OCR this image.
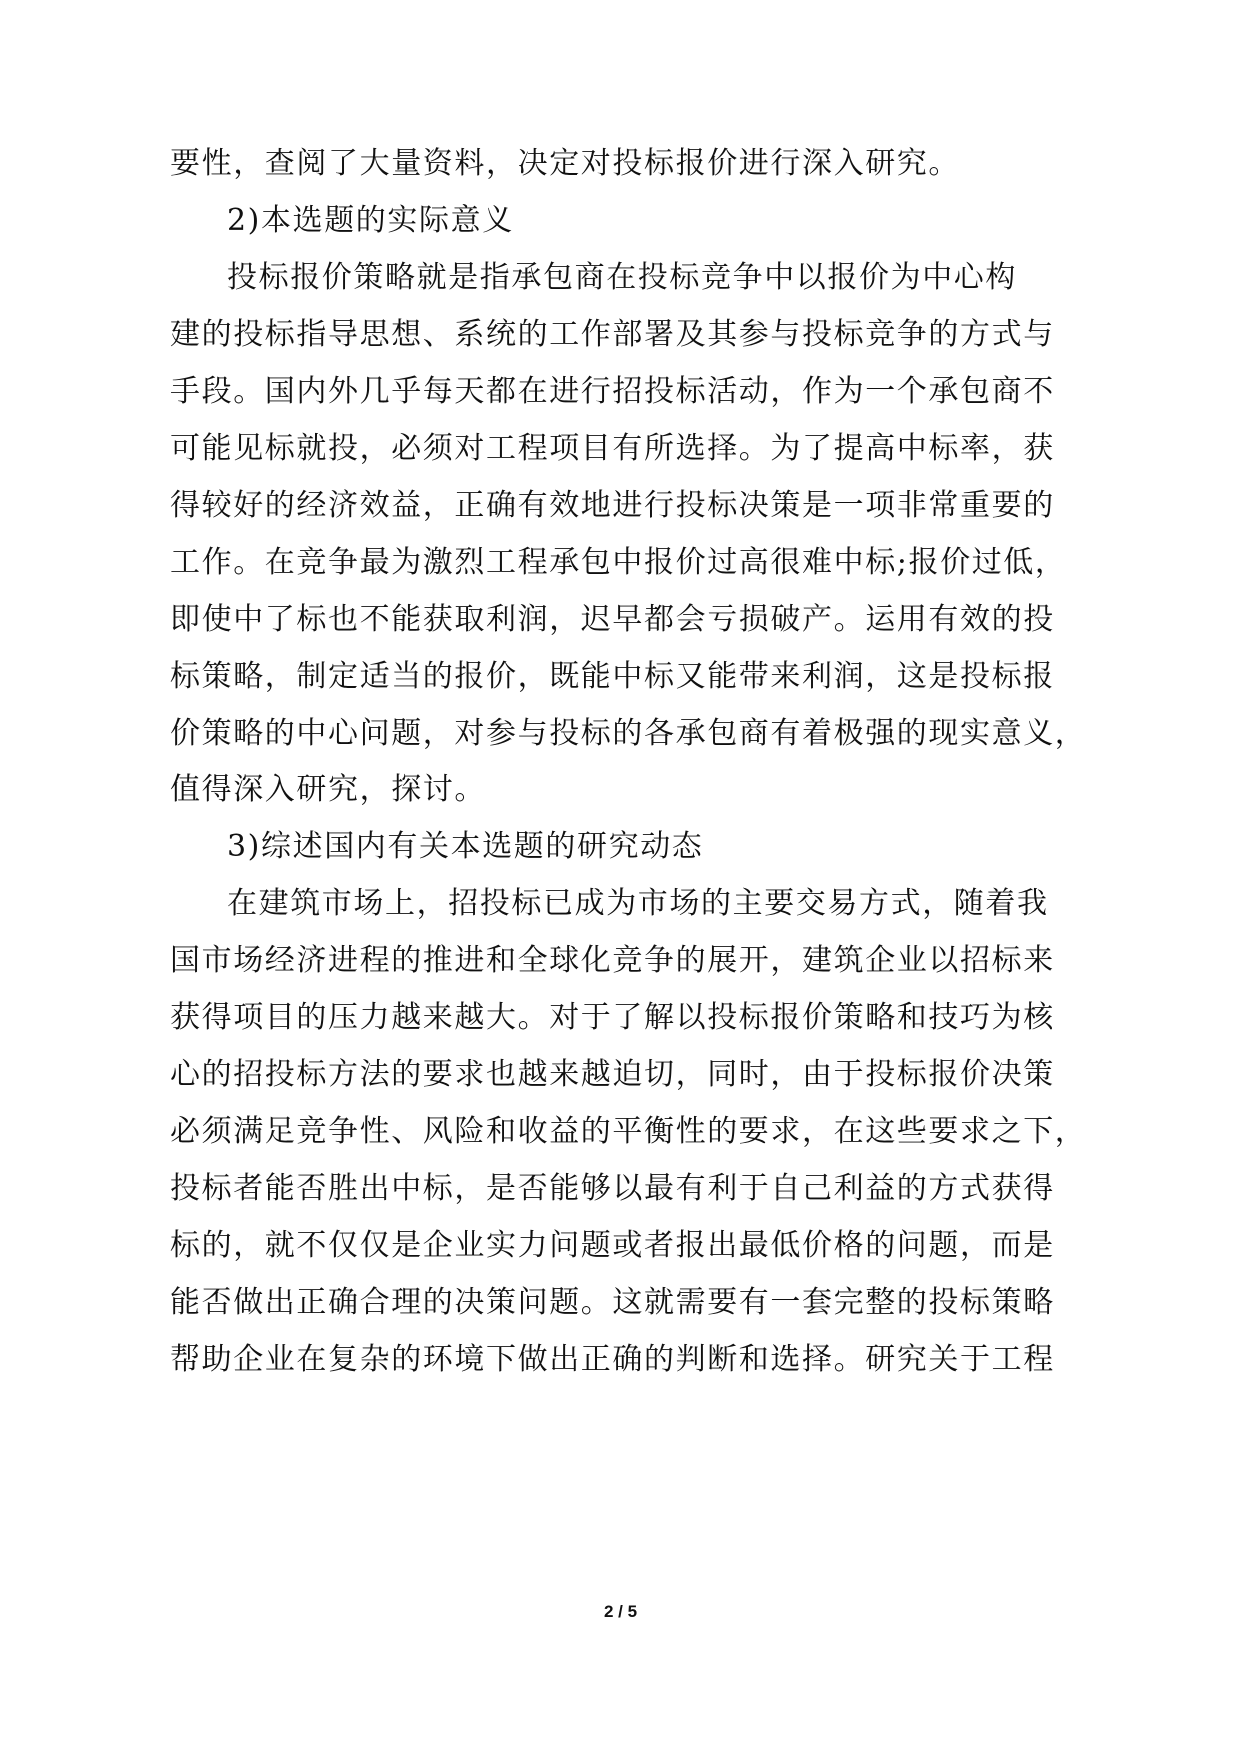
要性，查阅了大量资料，决定对投标报价进行深入研究。
2)本选题的实际意义
投标报价策略就是指承包商在投标竞争中以报价为中心构
建的投标指导思想、系统的工作部署及其参与投标竞争的方式与
手段。国内外几乎每天都在进行招投标活动，作为一个承包商不
可能见标就投，必须对工程项目有所选择。为了提高中标率，获
得较好的经济效益，正确有效地进行投标决策是一项非常重要的
工作。在竞争最为激烈工程承包中报价过高很难中标;报价过低，
即使中了标也不能获取利润，迟早都会亏损破产。运用有效的投
标策略，制定适当的报价，既能中标又能带来利润，这是投标报
价策略的中心问题，对参与投标的各承包商有着极强的现实意义，
值得深入研究，探讨。
3)综述国内有关本选题的研究动态
在建筑市场上，招投标已成为市场的主要交易方式，随着我
国市场经济进程的推进和全球化竞争的展开，建筑企业以招标来
获得项目的压力越来越大。对于了解以投标报价策略和技巧为核
心的招投标方法的要求也越来越迫切，同时，由于投标报价决策
必须满足竞争性、风险和收益的平衡性的要求，在这些要求之下，
投标者能否胜出中标，是否能够以最有利于自己利益的方式获得
标的，就不仅仅是企业实力问题或者报出最低价格的问题，而是
能否做出正确合理的决策问题。这就需要有一套完整的投标策略
帮助企业在复杂的环境下做出正确的判断和选择。研究关于工程
2 / 5
